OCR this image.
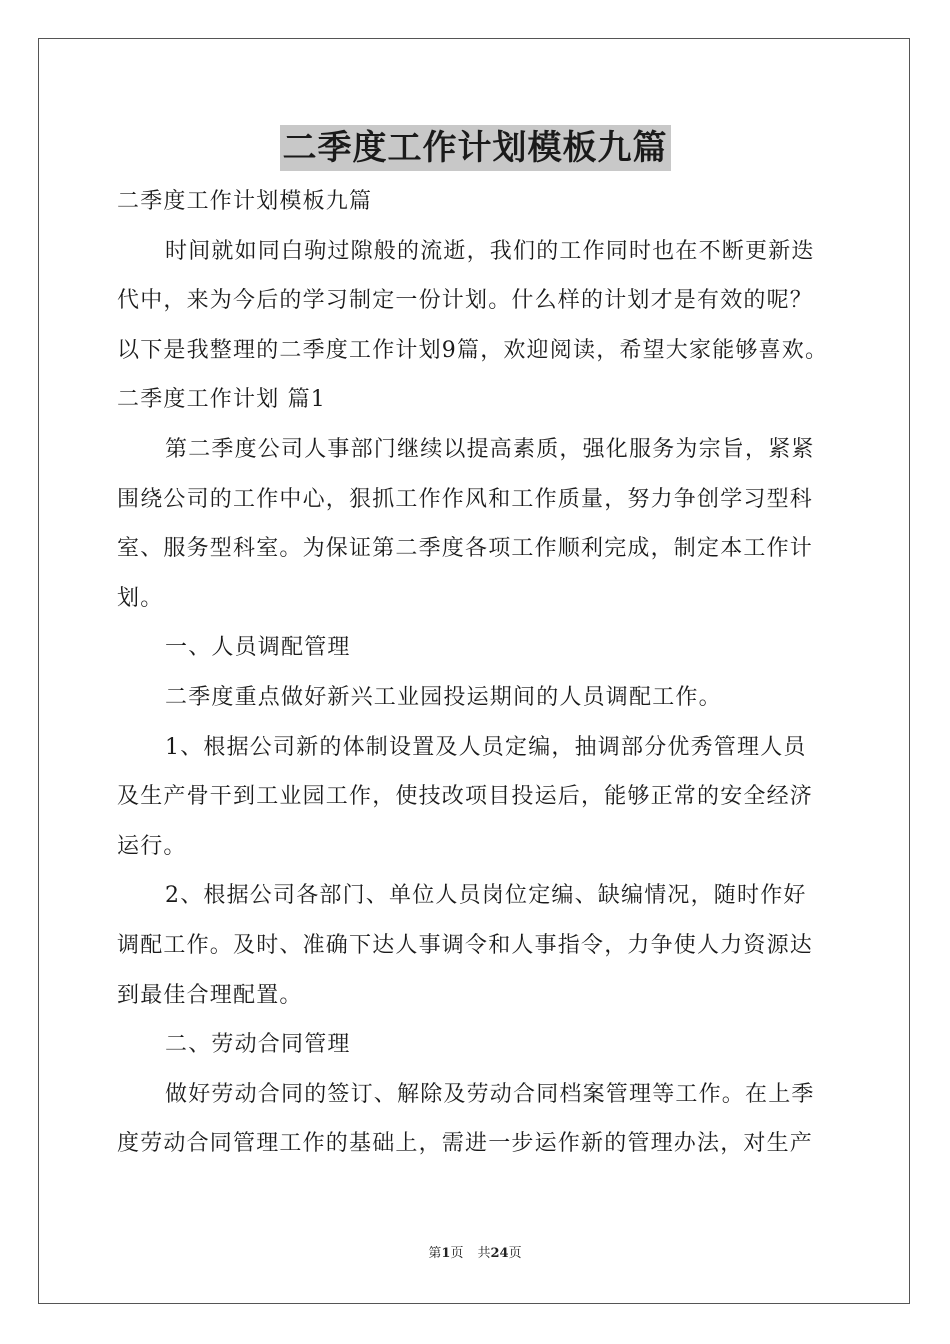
二季度工作计划模板九篇

二季度工作计划模板九篇

时间就如同白驹过隙般的流逝，我们的工作同时也在不断更新迭

代中，来为今后的学习制定一份计划。什么样的计划才是有效的呢？

以下是我整理的二季度工作计划9篇，欢迎阅读，希望大家能够喜欢。

二季度工作计划 篇1

第二季度公司人事部门继续以提高素质，强化服务为宗旨，紧紧

围绕公司的工作中心，狠抓工作作风和工作质量，努力争创学习型科

室、服务型科室。为保证第二季度各项工作顺利完成，制定本工作计

划。

一、人员调配管理

二季度重点做好新兴工业园投运期间的人员调配工作。

1、根据公司新的体制设置及人员定编，抽调部分优秀管理人员

及生产骨干到工业园工作，使技改项目投运后，能够正常的安全经济

运行。

2、根据公司各部门、单位人员岗位定编、缺编情况，随时作好

调配工作。及时、准确下达人事调令和人事指令，力争使人力资源达

到最佳合理配置。

二、劳动合同管理

做好劳动合同的签订、解除及劳动合同档案管理等工作。在上季

度劳动合同管理工作的基础上，需进一步运作新的管理办法，对生产

第1页 共24页
